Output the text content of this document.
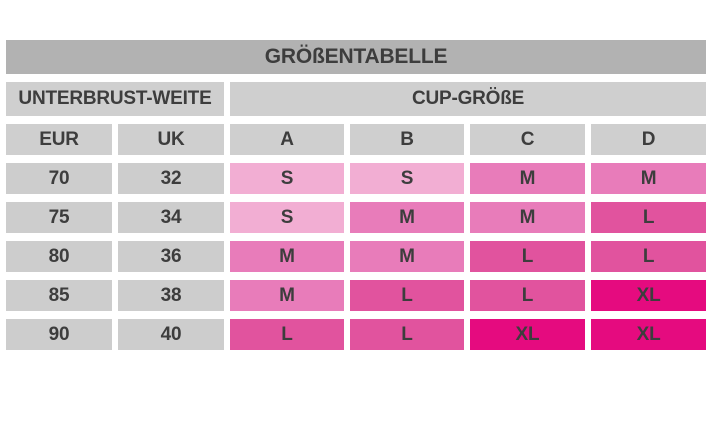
GRÖßENTABELLE					
UNTERBRUST-WEITE		CUP-GRÖßE			
EUR	UK	A	B	C	D
70	32	S	S	M	M
75	34	S	M	M	L
80	36	M	M	L	L
85	38	M	L	L	XL
90	40	L	L	XL	XL
